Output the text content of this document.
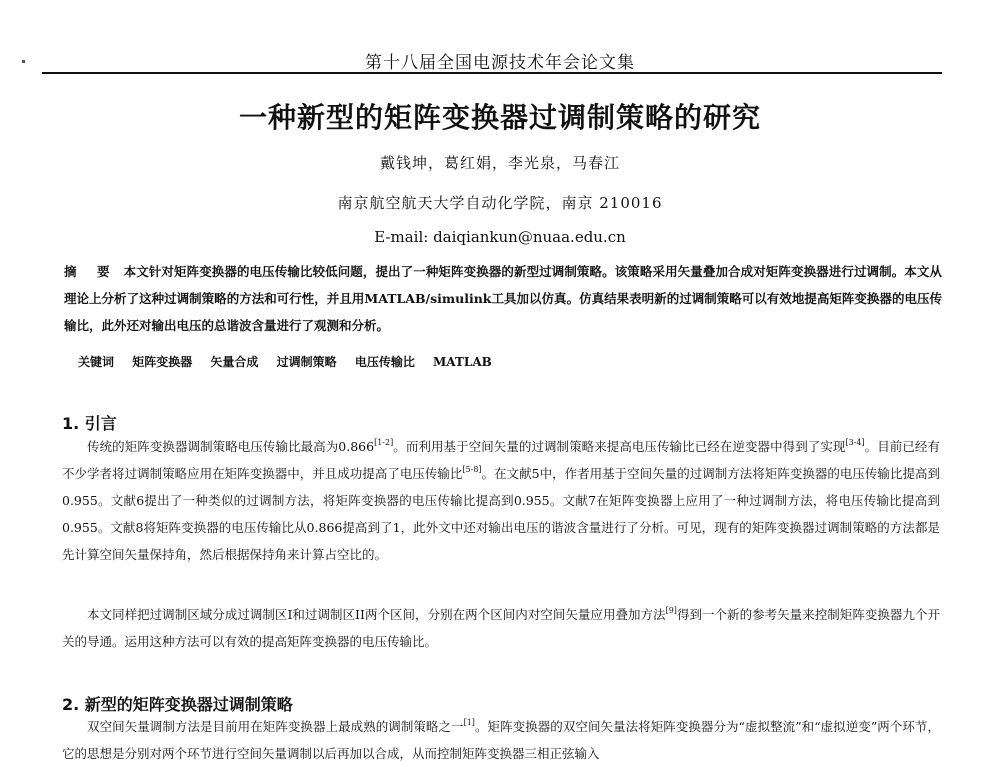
第十八届全国电源技术年会论文集
一种新型的矩阵变换器过调制策略的研究
戴钱坤，葛红娟，李光泉，马春江
南京航空航天大学自动化学院，南京 210016
E-mail: daiqiankun@nuaa.edu.cn
摘 要 本文针对矩阵变换器的电压传输比较低问题，提出了一种矩阵变换器的新型过调制策略。该策略采用矢量叠加合成对矩阵变换器进行过调制。本文从理论上分析了这种过调制策略的方法和可行性，并且用MATLAB/simulink工具加以仿真。仿真结果表明新的过调制策略可以有效地提高矩阵变换器的电压传输比，此外还对输出电压的总谐波含量进行了观测和分析。
关键词 矩阵变换器 矢量合成 过调制策略 电压传输比 MATLAB
1. 引言
传统的矩阵变换器调制策略电压传输比最高为0.866[1-2]。而利用基于空间矢量的过调制策略来提高电压传输比已经在逆变器中得到了实现[3-4]。目前已经有不少学者将过调制策略应用在矩阵变换器中，并且成功提高了电压传输比[5-8]。在文献5中，作者用基于空间矢量的过调制方法将矩阵变换器的电压传输比提高到0.955。文献6提出了一种类似的过调制方法，将矩阵变换器的电压传输比提高到0.955。文献7在矩阵变换器上应用了一种过调制方法，将电压传输比提高到0.955。文献8将矩阵变换器的电压传输比从0.866提高到了1，此外文中还对输出电压的谐波含量进行了分析。可见，现有的矩阵变换器过调制策略的方法都是先计算空间矢量保持角，然后根据保持角来计算占空比的。
本文同样把过调制区域分成过调制区I和过调制区II两个区间，分别在两个区间内对空间矢量应用叠加方法[9]得到一个新的参考矢量来控制矩阵变换器九个开关的导通。运用这种方法可以有效的提高矩阵变换器的电压传输比。
2. 新型的矩阵变换器过调制策略
双空间矢量调制方法是目前用在矩阵变换器上最成熟的调制策略之一[1]。矩阵变换器的双空间矢量法将矩阵变换器分为“虚拟整流”和“虚拟逆变”两个环节，它的思想是分别对两个环节进行空间矢量调制以后再加以合成，从而控制矩阵变换器三相正弦输入
